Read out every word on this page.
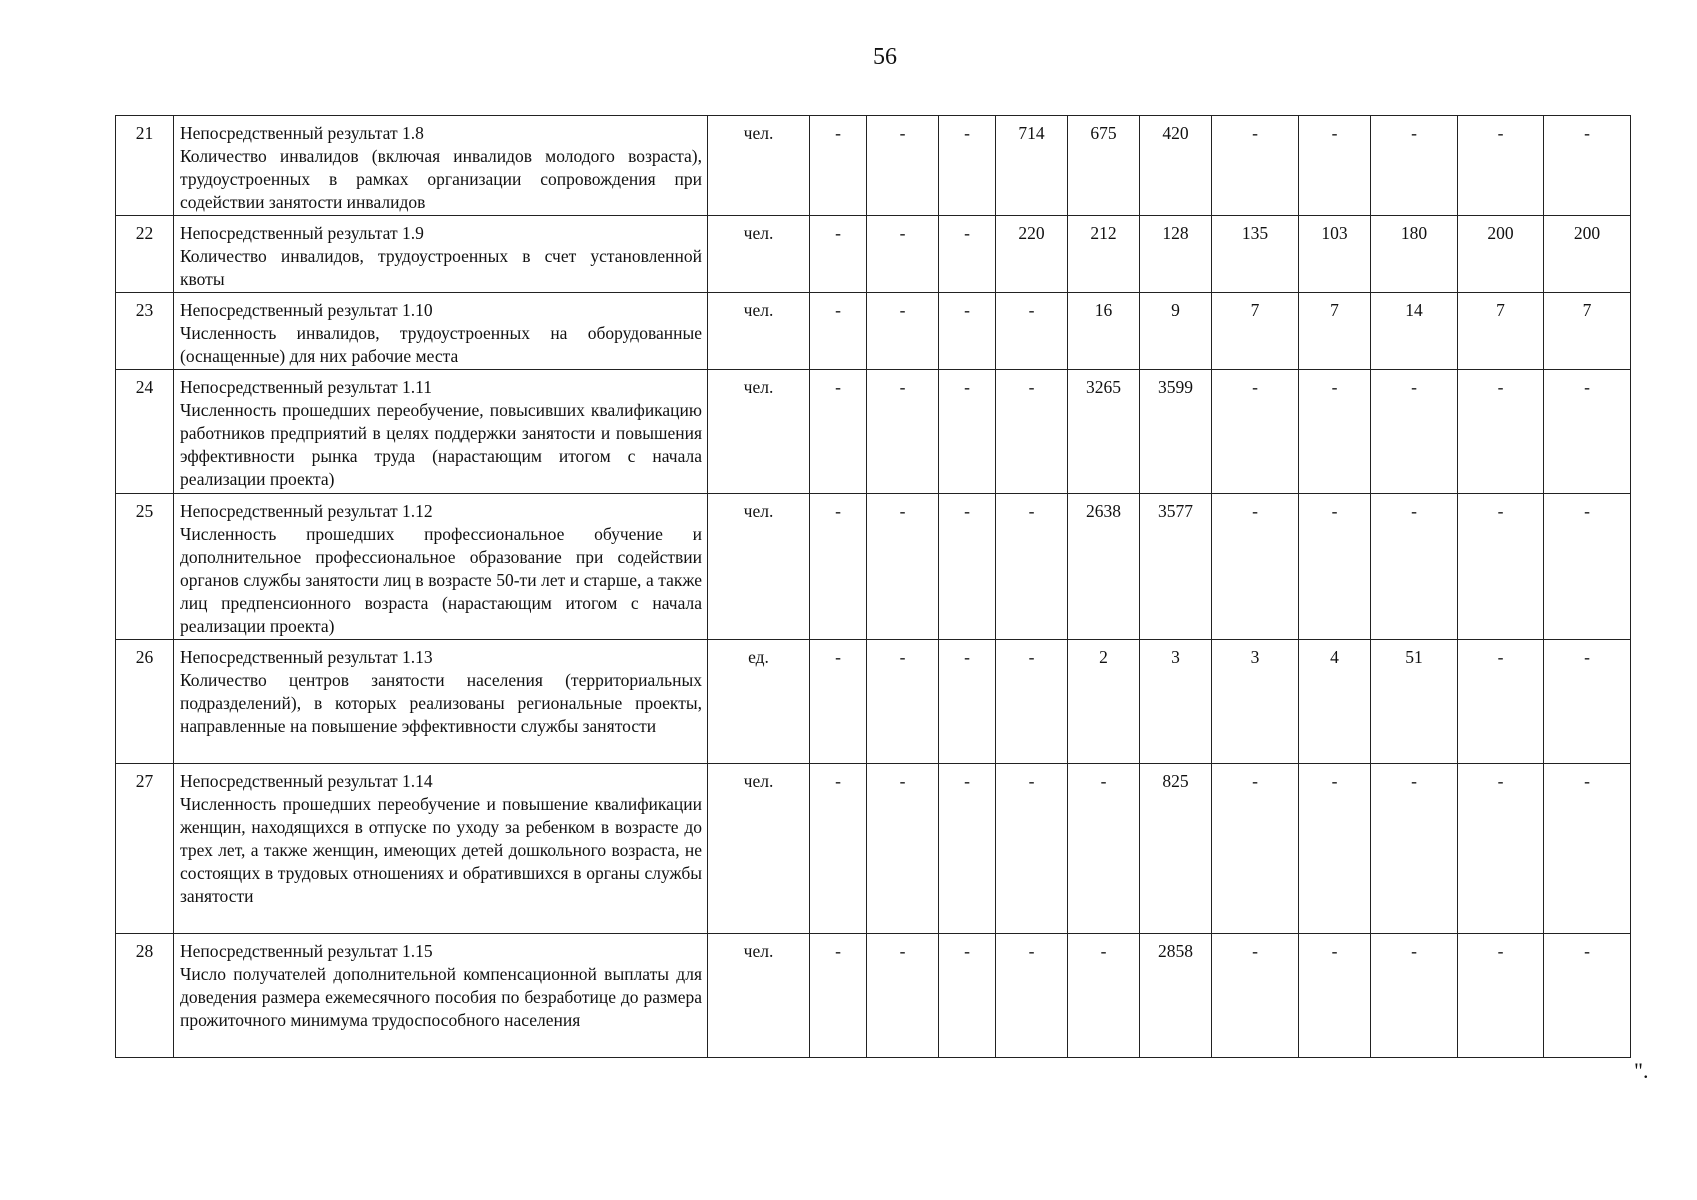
56
21	Непосредственный результат 1.8
Количество инвалидов (включая инвалидов молодого возраста), трудоустроенных в рамках организации сопровождения при содействии занятости инвалидов	чел.	-	-	-	714	675	420	-	-	-	-	-
22	Непосредственный результат 1.9
Количество инвалидов, трудоустроенных в счет установленной квоты	чел.	-	-	-	220	212	128	135	103	180	200	200
23	Непосредственный результат 1.10
Численность инвалидов, трудоустроенных на оборудованные (оснащенные) для них рабочие места	чел.	-	-	-	-	16	9	7	7	14	7	7
24	Непосредственный результат 1.11
Численность прошедших переобучение, повысивших квалификацию работников предприятий в целях поддержки занятости и повышения эффективности рынка труда (нарастающим итогом с начала реализации проекта)	чел.	-	-	-	-	3265	3599	-	-	-	-	-
25	Непосредственный результат 1.12
Численность прошедших профессиональное обучение и дополнительное профессиональное образование при содействии органов службы занятости лиц в возрасте 50-ти лет и старше, а также лиц предпенсионного возраста (нарастающим итогом с начала реализации проекта)	чел.	-	-	-	-	2638	3577	-	-	-	-	-
26	Непосредственный результат 1.13
Количество центров занятости населения (территориальных подразделений), в которых реализованы региональные проекты, направленные на повышение эффективности службы занятости	ед.	-	-	-	-	2	3	3	4	51	-	-
27	Непосредственный результат 1.14
Численность прошедших переобучение и повышение квалификации женщин, находящихся в отпуске по уходу за ребенком в возрасте до трех лет, а также женщин, имеющих детей дошкольного возраста, не состоящих в трудовых отношениях и обратившихся в органы службы занятости	чел.	-	-	-	-	-	825	-	-	-	-	-
28	Непосредственный результат 1.15
Число получателей дополнительной компенсационной выплаты для доведения размера ежемесячного пособия по безработице до размера прожиточного минимума трудоспособного населения	чел.	-	-	-	-	-	2858	-	-	-	-	-
".
